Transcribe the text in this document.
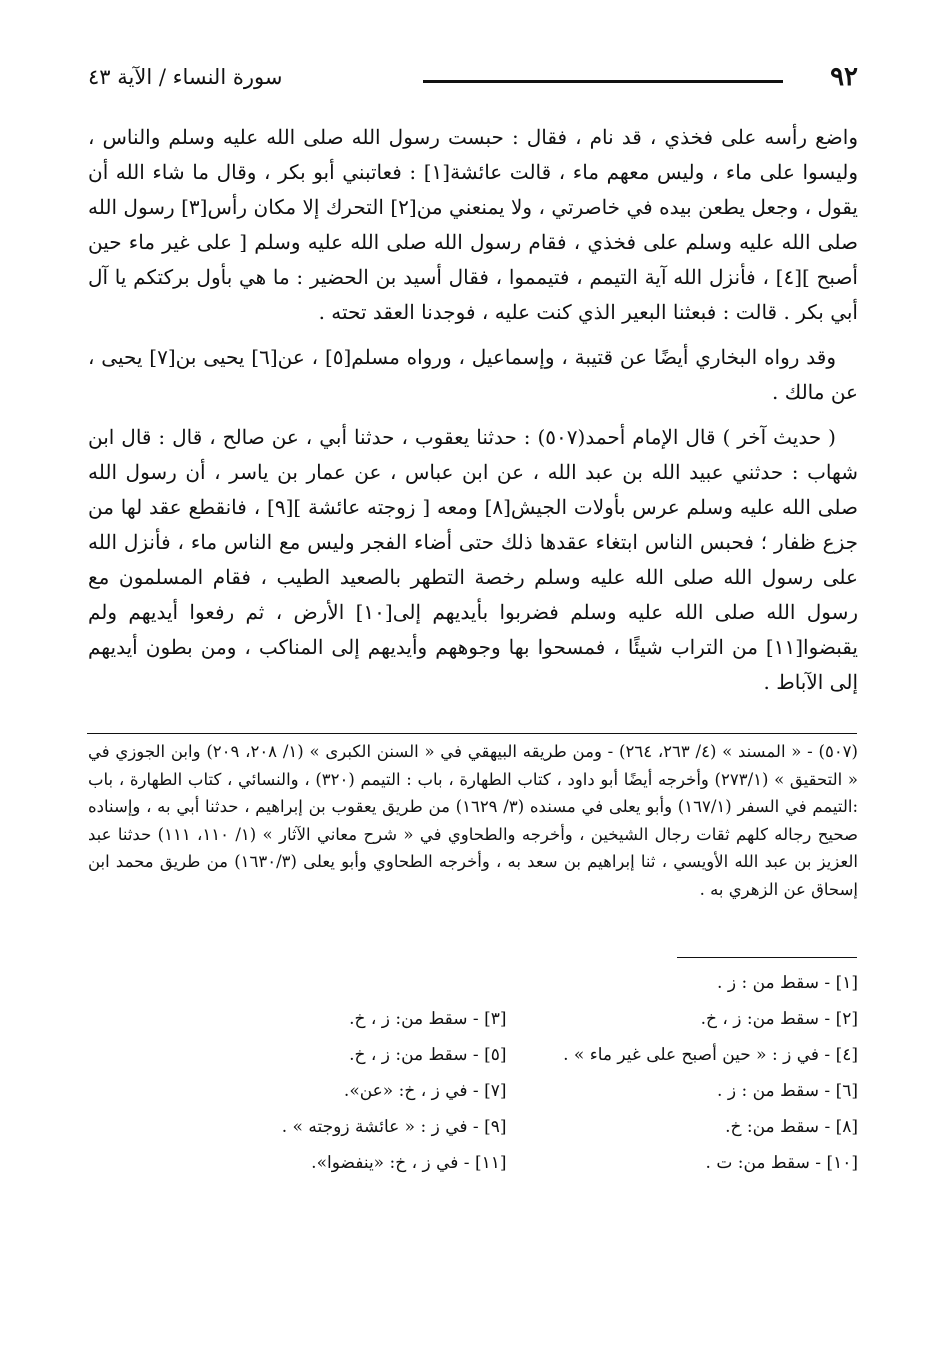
٩٢
سورة النساء / الآية ٤٣

واضع رأسه على فخذي ، قد نام ، فقال : حبست رسول الله صلى الله عليه وسلم والناس ، وليسوا على ماء ، وليس معهم ماء ، قالت عائشة[١] : فعاتبني أبو بكر ، وقال ما شاء الله أن يقول ، وجعل يطعن بيده في خاصرتي ، ولا يمنعني من[٢] التحرك إلا مكان رأس[٣] رسول الله صلى الله عليه وسلم على فخذي ، فقام رسول الله صلى الله عليه وسلم [ على غير ماء حين أصبح ][٤] ، فأنزل الله آية التيمم ، فتيمموا ، فقال أسيد بن الحضير : ما هي بأول بركتكم يا آل أبي بكر . قالت : فبعثنا البعير الذي كنت عليه ، فوجدنا العقد تحته .

وقد رواه البخاري أيضًا عن قتيبة ، وإسماعيل ، ورواه مسلم[٥] ، عن[٦] يحيى بن[٧] يحيى ، عن مالك .

( حديث آخر ) قال الإمام أحمد(٥٠٧) : حدثنا يعقوب ، حدثنا أبي ، عن صالح ، قال : قال ابن شهاب : حدثني عبيد الله بن عبد الله ، عن ابن عباس ، عن عمار بن ياسر ، أن رسول الله صلى الله عليه وسلم عرس بأولات الجيش[٨] ومعه [ زوجته عائشة ][٩] ، فانقطع عقد لها من جزع ظفار ؛ فحبس الناس ابتغاء عقدها ذلك حتى أضاء الفجر وليس مع الناس ماء ، فأنزل الله على رسول الله صلى الله عليه وسلم رخصة التطهر بالصعيد الطيب ، فقام المسلمون مع رسول الله صلى الله عليه وسلم فضربوا بأيديهم إلى[١٠] الأرض ، ثم رفعوا أيديهم ولم يقبضوا[١١] من التراب شيئًا ، فمسحوا بها وجوههم وأيديهم إلى المناكب ، ومن بطون أيديهم إلى الآباط .

(٥٠٧) - « المسند » (٤/ ٢٦٣، ٢٦٤) - ومن طريقه البيهقي في « السنن الكبرى » (١/ ٢٠٨، ٢٠٩) وابن الجوزي في « التحقيق » (٢٧٣/١) وأخرجه أيضًا أبو داود ، كتاب الطهارة ، باب : التيمم (٣٢٠) ، والنسائي ، كتاب الطهارة ، باب :التيمم في السفر (١٦٧/١) وأبو يعلى في مسنده (٣/ ١٦٢٩) من طريق يعقوب بن إبراهيم ، حدثنا أبي به ، وإسناده صحيح رجاله كلهم ثقات رجال الشيخين ، وأخرجه والطحاوي في « شرح معاني الآثار » (١/ ١١٠، ١١١) حدثنا عبد العزيز بن عبد الله الأويسي ، ثنا إبراهيم بن سعد به ، وأخرجه الطحاوي وأبو يعلى (١٦٣٠/٣) من طريق محمد ابن إسحاق عن الزهري به .
[١] - سقط من : ز .
[٢] - سقط من: ز ، خ.
[٣] - سقط من: ز ، خ.
[٤] - في ز : « حين أصبح على غير ماء » .
[٥] - سقط من: ز ، خ.
[٦] - سقط من : ز .
[٧] - في ز ، خ: «عن».
[٨] - سقط من: خ.
[٩] - في ز : « عائشة زوجته » .
[١٠] - سقط من: ت .
[١١] - في ز ، خ: «ينفضوا».
